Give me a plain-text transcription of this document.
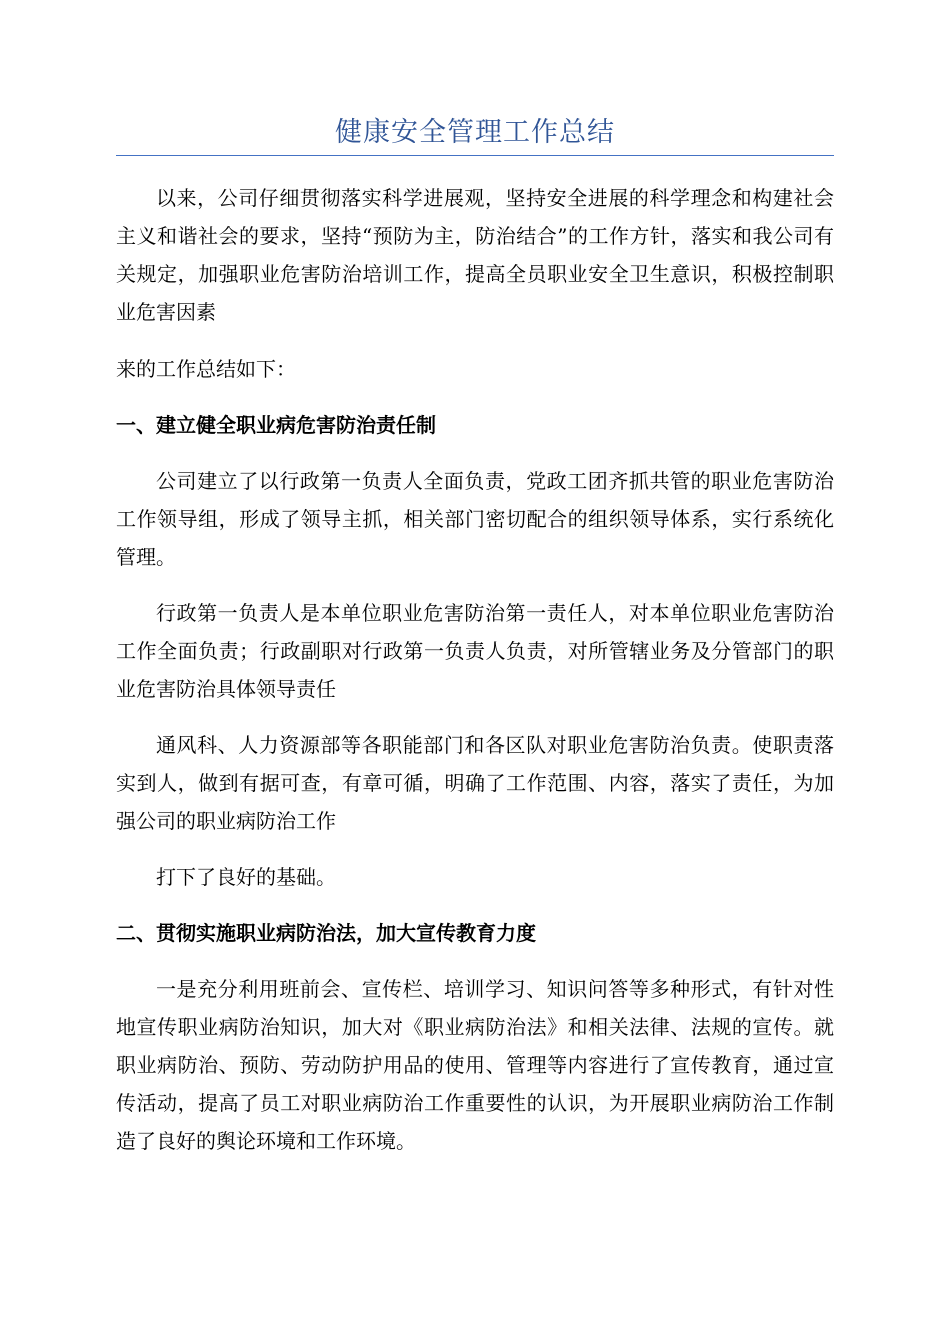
健康安全管理工作总结

以来，公司仔细贯彻落实科学进展观，坚持安全进展的科学理念和构建社会主义和谐社会的要求，坚持“预防为主，防治结合”的工作方针，落实和我公司有关规定，加强职业危害防治培训工作，提高全员职业安全卫生意识，积极控制职业危害因素

来的工作总结如下：

一、建立健全职业病危害防治责任制

公司建立了以行政第一负责人全面负责，党政工团齐抓共管的职业危害防治工作领导组，形成了领导主抓，相关部门密切配合的组织领导体系，实行系统化管理。

行政第一负责人是本单位职业危害防治第一责任人，对本单位职业危害防治工作全面负责；行政副职对行政第一负责人负责，对所管辖业务及分管部门的职业危害防治具体领导责任

通风科、人力资源部等各职能部门和各区队对职业危害防治负责。使职责落实到人，做到有据可查，有章可循，明确了工作范围、内容，落实了责任，为加强公司的职业病防治工作

打下了良好的基础。

二、贯彻实施职业病防治法，加大宣传教育力度

一是充分利用班前会、宣传栏、培训学习、知识问答等多种形式，有针对性地宣传职业病防治知识，加大对《职业病防治法》和相关法律、法规的宣传。就职业病防治、预防、劳动防护用品的使用、管理等内容进行了宣传教育，通过宣传活动，提高了员工对职业病防治工作重要性的认识，为开展职业病防治工作制造了良好的舆论环境和工作环境。
